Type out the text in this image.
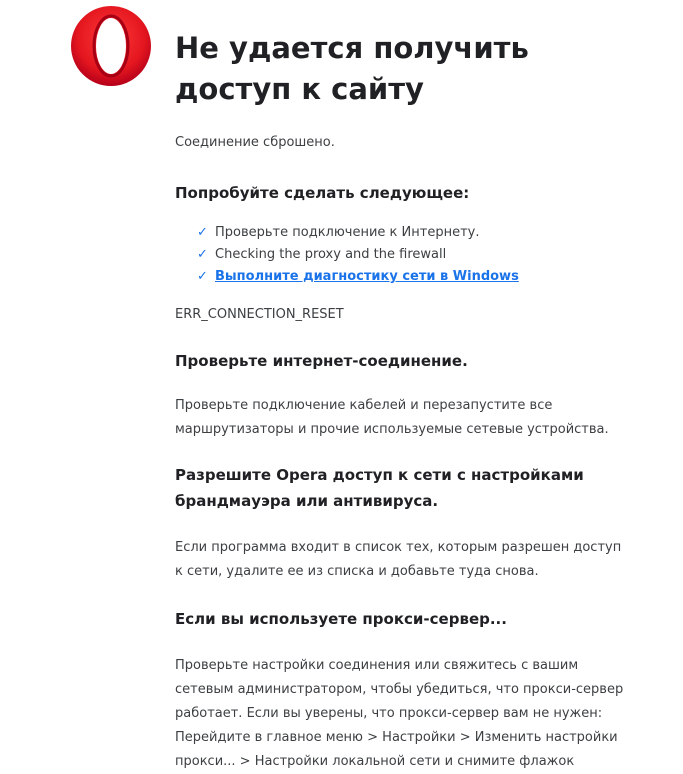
Не удается получить
доступ к сайту
Соединение сброшено.
Попробуйте сделать следующее:
✓ Проверьте подключение к Интернету.
✓ Checking the proxy and the firewall
✓ Выполните диагностику сети в Windows
ERR_CONNECTION_RESET
Проверьте интернет-соединение.
Проверьте подключение кабелей и перезапустите все
маршрутизаторы и прочие используемые сетевые устройства.
Разрешите Opera доступ к сети с настройками
брандмауэра или антивируса.
Если программа входит в список тех, которым разрешен доступ
к сети, удалите ее из списка и добавьте туда снова.
Если вы используете прокси-сервер...
Проверьте настройки соединения или свяжитесь с вашим
сетевым администратором, чтобы убедиться, что прокси-сервер
работает. Если вы уверены, что прокси-сервер вам не нужен:
Перейдите в главное меню > Настройки > Изменить настройки
прокси... > Настройки локальной сети и снимите флажок
